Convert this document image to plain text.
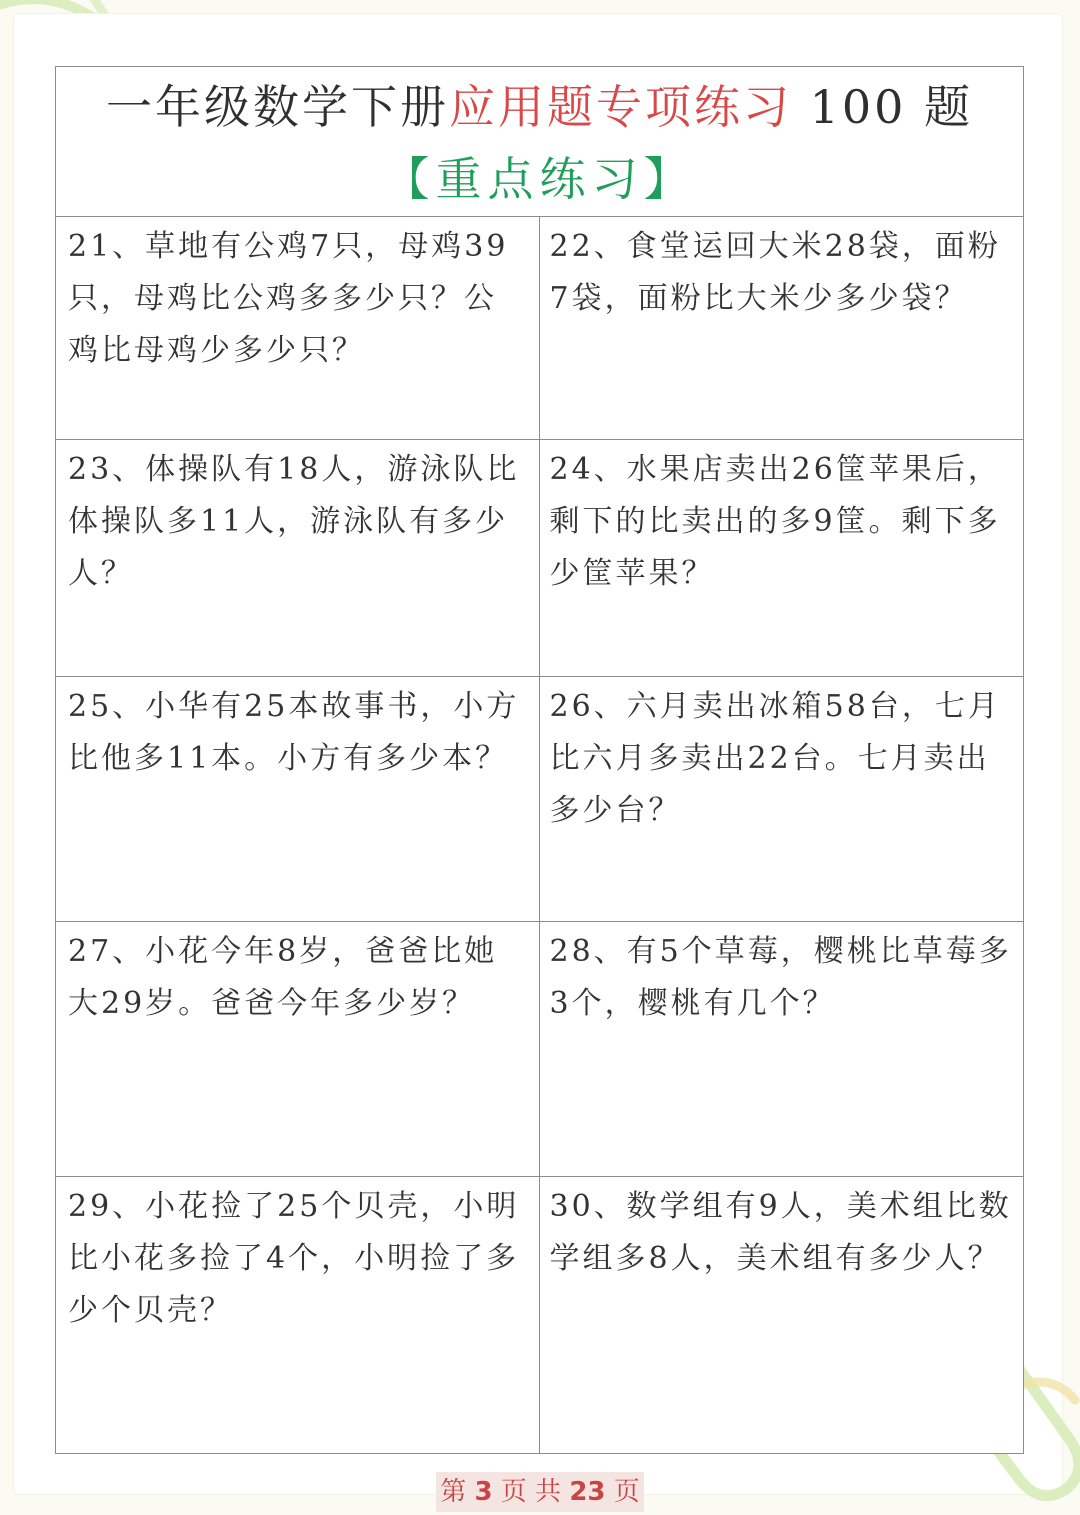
一年级数学下册应用题专项练习 100 题
【重点练习】
21、草地有公鸡7只，母鸡39只，母鸡比公鸡多多少只？公鸡比母鸡少多少只？
22、食堂运回大米28袋，面粉7袋，面粉比大米少多少袋？
23、体操队有18人，游泳队比体操队多11人，游泳队有多少人？
24、水果店卖出26筐苹果后，剩下的比卖出的多9筐。剩下多少筐苹果？
25、小华有25本故事书，小方比他多11本。小方有多少本？
26、六月卖出冰箱58台，七月比六月多卖出22台。七月卖出多少台？
27、小花今年8岁，爸爸比她大29岁。爸爸今年多少岁？
28、有5个草莓，樱桃比草莓多3个，樱桃有几个？
29、小花捡了25个贝壳，小明比小花多捡了4个，小明捡了多少个贝壳？
30、数学组有9人，美术组比数学组多8人，美术组有多少人？
第 3 页 共 23 页
